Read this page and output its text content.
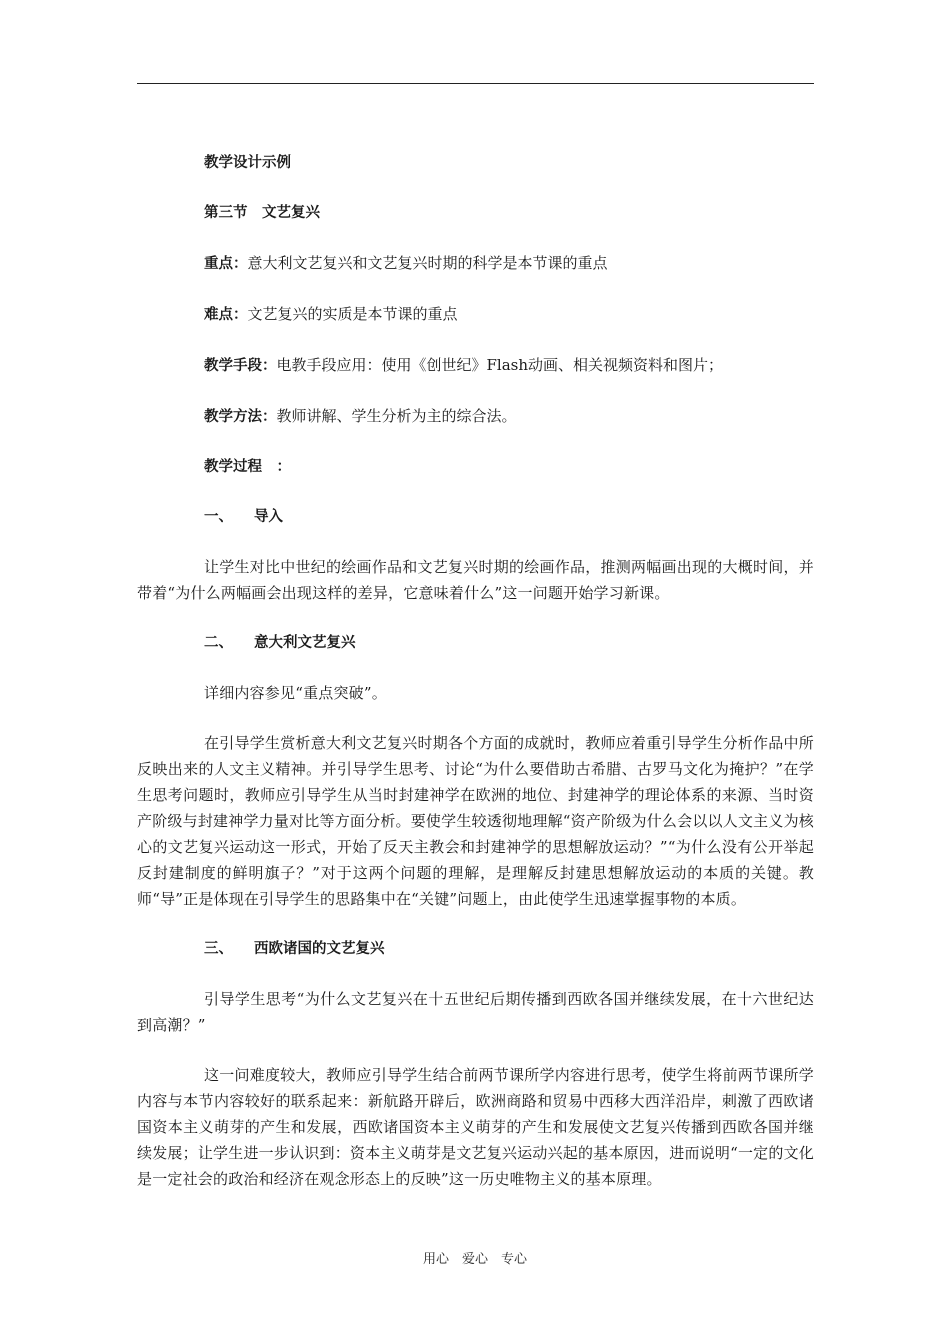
教学设计示例

第三节　文艺复兴

重点：意大利文艺复兴和文艺复兴时期的科学是本节课的重点

难点：文艺复兴的实质是本节课的重点

教学手段：电教手段应用：使用《创世纪》Flash动画、相关视频资料和图片；

教学方法：教师讲解、学生分析为主的综合法。

教学过程　：

一、 导入

让学生对比中世纪的绘画作品和文艺复兴时期的绘画作品，推测两幅画出现的大概时间，并带着“为什么两幅画会出现这样的差异，它意味着什么”这一问题开始学习新课。

二、 意大利文艺复兴

详细内容参见“重点突破”。

在引导学生赏析意大利文艺复兴时期各个方面的成就时，教师应着重引导学生分析作品中所反映出来的人文主义精神。并引导学生思考、讨论“为什么要借助古希腊、古罗马文化为掩护？”在学生思考问题时，教师应引导学生从当时封建神学在欧洲的地位、封建神学的理论体系的来源、当时资产阶级与封建神学力量对比等方面分析。要使学生较透彻地理解“资产阶级为什么会以以人文主义为核心的文艺复兴运动这一形式，开始了反天主教会和封建神学的思想解放运动？”“为什么没有公开举起反封建制度的鲜明旗子？”对于这两个问题的理解，是理解反封建思想解放运动的本质的关键。教师“导”正是体现在引导学生的思路集中在“关键”问题上，由此使学生迅速掌握事物的本质。

三、 西欧诸国的文艺复兴

引导学生思考“为什么文艺复兴在十五世纪后期传播到西欧各国并继续发展，在十六世纪达到高潮？”

这一问难度较大，教师应引导学生结合前两节课所学内容进行思考，使学生将前两节课所学内容与本节内容较好的联系起来：新航路开辟后，欧洲商路和贸易中西移大西洋沿岸，刺激了西欧诸国资本主义萌芽的产生和发展，西欧诸国资本主义萌芽的产生和发展使文艺复兴传播到西欧各国并继续发展；让学生进一步认识到：资本主义萌芽是文艺复兴运动兴起的基本原因，进而说明“一定的文化是一定社会的政治和经济在观念形态上的反映”这一历史唯物主义的基本原理。

用心　爱心　专心
